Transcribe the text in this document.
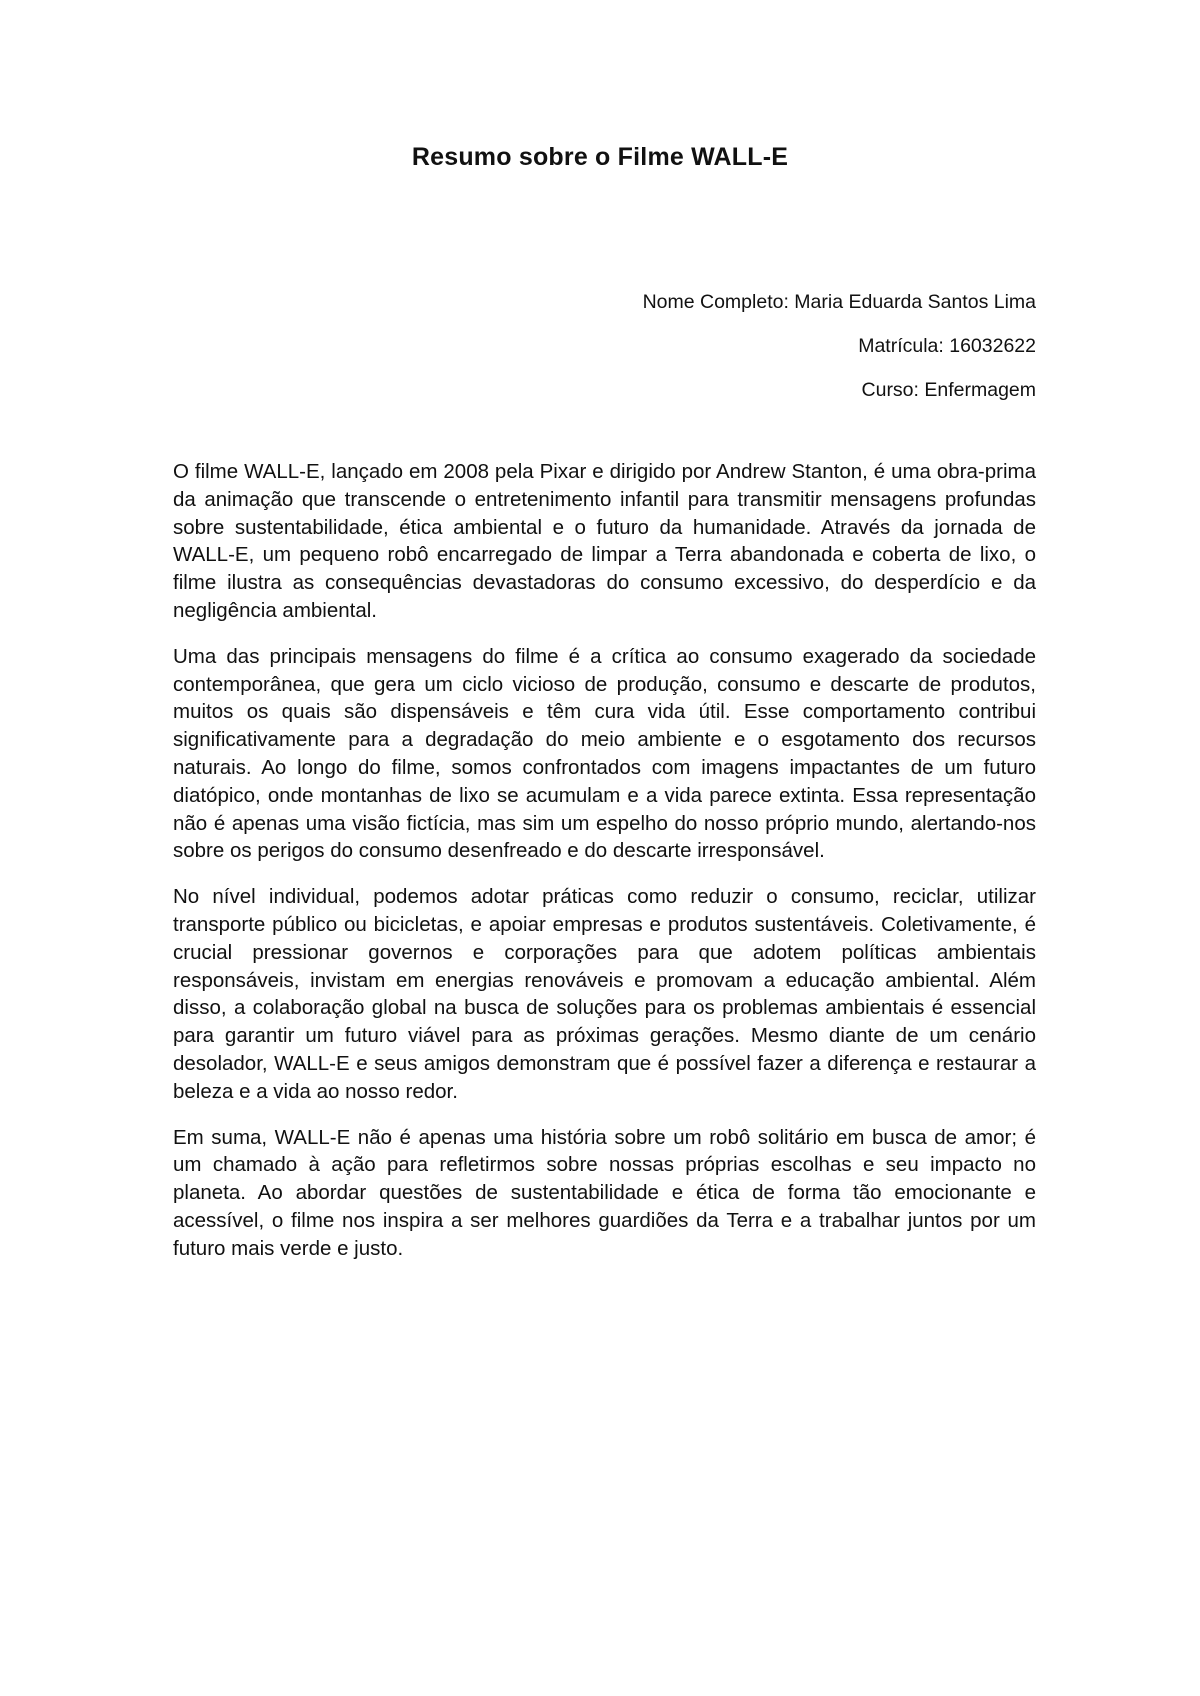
Resumo sobre o Filme WALL-E
Nome Completo: Maria Eduarda Santos Lima
Matrícula: 16032622
Curso: Enfermagem

O filme WALL-E, lançado em 2008 pela Pixar e dirigido por Andrew Stanton, é uma obra-prima da animação que transcende o entretenimento infantil para transmitir mensagens profundas sobre sustentabilidade, ética ambiental e o futuro da humanidade. Através da jornada de WALL-E, um pequeno robô encarregado de limpar a Terra abandonada e coberta de lixo, o filme ilustra as consequências devastadoras do consumo excessivo, do desperdício e da negligência ambiental.

Uma das principais mensagens do filme é a crítica ao consumo exagerado da sociedade contemporânea, que gera um ciclo vicioso de produção, consumo e descarte de produtos, muitos os quais são dispensáveis e têm cura vida útil. Esse comportamento contribui significativamente para a degradação do meio ambiente e o esgotamento dos recursos naturais. Ao longo do filme, somos confrontados com imagens impactantes de um futuro diatópico, onde montanhas de lixo se acumulam e a vida parece extinta. Essa representação não é apenas uma visão fictícia, mas sim um espelho do nosso próprio mundo, alertando-nos sobre os perigos do consumo desenfreado e do descarte irresponsável.

No nível individual, podemos adotar práticas como reduzir o consumo, reciclar, utilizar transporte público ou bicicletas, e apoiar empresas e produtos sustentáveis. Coletivamente, é crucial pressionar governos e corporações para que adotem políticas ambientais responsáveis, invistam em energias renováveis e promovam a educação ambiental. Além disso, a colaboração global na busca de soluções para os problemas ambientais é essencial para garantir um futuro viável para as próximas gerações. Mesmo diante de um cenário desolador, WALL-E e seus amigos demonstram que é possível fazer a diferença e restaurar a beleza e a vida ao nosso redor.

Em suma, WALL-E não é apenas uma história sobre um robô solitário em busca de amor; é um chamado à ação para refletirmos sobre nossas próprias escolhas e seu impacto no planeta. Ao abordar questões de sustentabilidade e ética de forma tão emocionante e acessível, o filme nos inspira a ser melhores guardiões da Terra e a trabalhar juntos por um futuro mais verde e justo.
